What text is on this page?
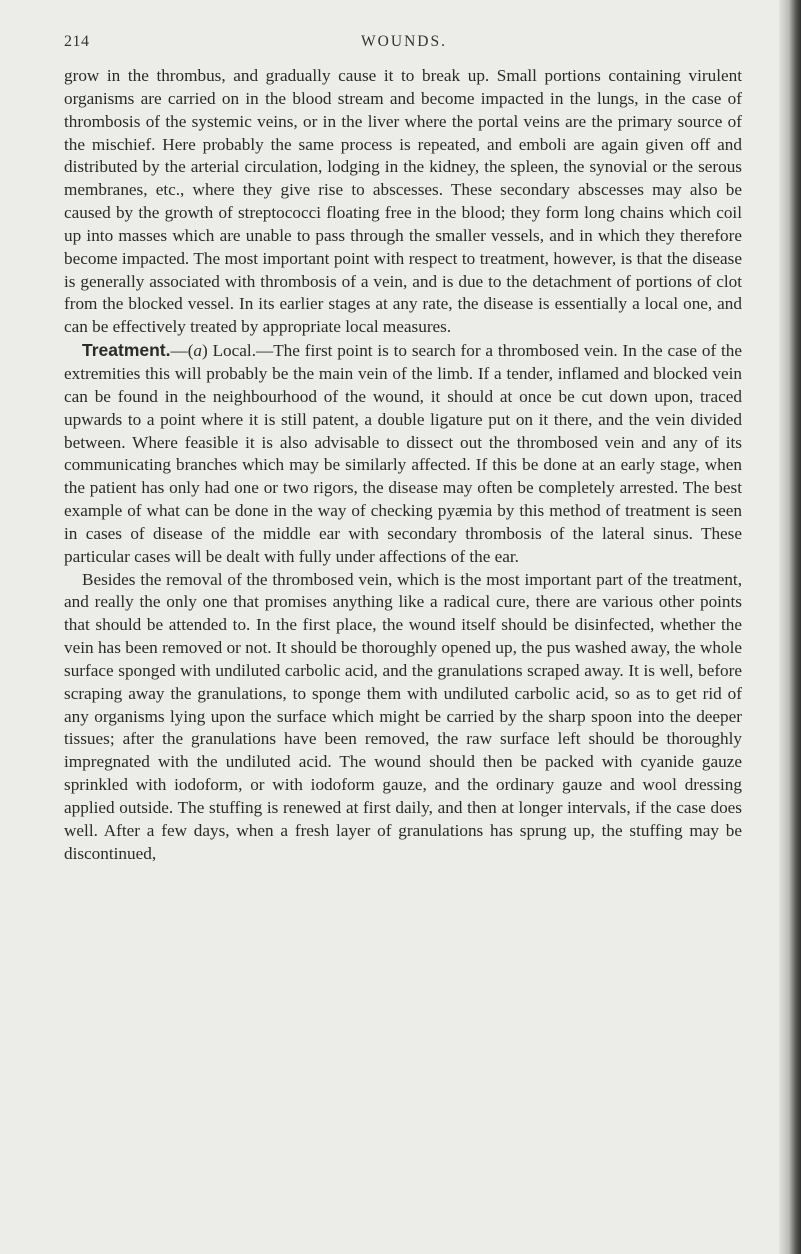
214	WOUNDS.

grow in the thrombus, and gradually cause it to break up. Small portions containing virulent organisms are carried on in the blood stream and become impacted in the lungs, in the case of thrombosis of the systemic veins, or in the liver where the portal veins are the primary source of the mischief. Here probably the same process is repeated, and emboli are again given off and distributed by the arterial circulation, lodging in the kidney, the spleen, the synovial or the serous membranes, etc., where they give rise to abscesses. These secondary abscesses may also be caused by the growth of streptococci floating free in the blood; they form long chains which coil up into masses which are unable to pass through the smaller vessels, and in which they therefore become impacted. The most important point with respect to treatment, however, is that the disease is generally associated with thrombosis of a vein, and is due to the detachment of portions of clot from the blocked vessel. In its earlier stages at any rate, the disease is essentially a local one, and can be effectively treated by appropriate local measures.

Treatment.—(a) Local.—The first point is to search for a thrombosed vein. In the case of the extremities this will probably be the main vein of the limb. If a tender, inflamed and blocked vein can be found in the neighbourhood of the wound, it should at once be cut down upon, traced upwards to a point where it is still patent, a double ligature put on it there, and the vein divided between. Where feasible it is also advisable to dissect out the thrombosed vein and any of its communicating branches which may be similarly affected. If this be done at an early stage, when the patient has only had one or two rigors, the disease may often be completely arrested. The best example of what can be done in the way of checking pyæmia by this method of treatment is seen in cases of disease of the middle ear with secondary thrombosis of the lateral sinus. These particular cases will be dealt with fully under affections of the ear.

Besides the removal of the thrombosed vein, which is the most important part of the treatment, and really the only one that promises anything like a radical cure, there are various other points that should be attended to. In the first place, the wound itself should be disinfected, whether the vein has been removed or not. It should be thoroughly opened up, the pus washed away, the whole surface sponged with undiluted carbolic acid, and the granulations scraped away. It is well, before scraping away the granulations, to sponge them with undiluted carbolic acid, so as to get rid of any organisms lying upon the surface which might be carried by the sharp spoon into the deeper tissues; after the granulations have been removed, the raw surface left should be thoroughly impregnated with the undiluted acid. The wound should then be packed with cyanide gauze sprinkled with iodoform, or with iodoform gauze, and the ordinary gauze and wool dressing applied outside. The stuffing is renewed at first daily, and then at longer intervals, if the case does well. After a few days, when a fresh layer of granulations has sprung up, the stuffing may be discontinued,
